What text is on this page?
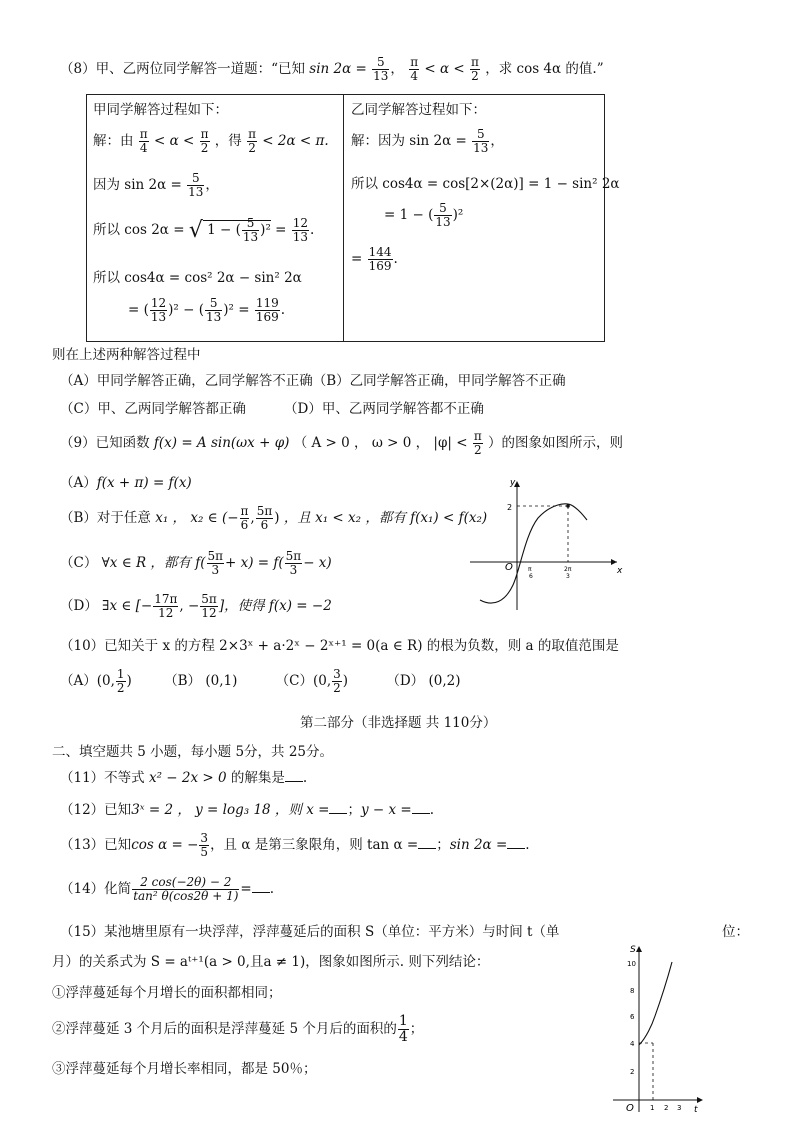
（8）甲、乙两位同学解答一道题：“已知 $\sin 2\alpha = \frac{5}{13}$ ， $\frac{\pi}{4} < \alpha < \frac{\pi}{2}$ ，求 cos 4α 的值.”
甲同学解答过程如下：
解：由 $\frac{\pi}{4} < \alpha < \frac{\pi}{2}$ ，得 $\frac{\pi}{2} < 2\alpha < \pi$.
因为 $\sin 2\alpha = \frac{5}{13}$ ，
所以 cos 2α = √ 1 − ( $\frac{5}{13} )^2 = \frac{12}{13}$ .
所以 cos4α = cos² 2α − sin² 2α
= ( $\frac{12}{13} )^2$ − ( $\frac{5}{13} )^2 = \frac{119}{169}$ .
乙同学解答过程如下：
解：因为 $\sin 2\alpha = \frac{5}{13}$ ，
所以 cos4α = cos[2×(2α)] = 1 − sin² 2α
= 1 − ( $\frac{5}{13} )^2$
= $\frac{144}{169}$ .
则在上述两种解答过程中
（A）甲同学解答正确，乙同学解答不正确（B）乙同学解答正确，甲同学解答不正确
（C）甲、乙两同学解答都正确	（D）甲、乙两同学解答都不正确
（9）已知函数 f(x) = A sin(ωx + φ) （ A > 0 ， ω > 0 ， $|\varphi| < \frac{\pi}{2}$ ）的图象如图所示，则
（A）f(x + π) = f(x)
（B）对于任意 x₁ ， x₂ ∈ (− $\frac{\pi}{6}$ , $\frac{5\pi}{6}$ ) ，且 x₁ < x₂ ，都有 f(x₁) < f(x₂)
（C） ∀x ∈ R ，都有 $f( \frac{5\pi}{3} + x) = f( \frac{5\pi}{3} - x)$
（D） ∃x ∈ [− $\frac{17\pi}{12}$ , − $\frac{5\pi}{12}$ ]，使得 f(x) = −2
y
x
O
2
π
6
2π
3
（10）已知关于 x 的方程 2×3ˣ + a·2ˣ − 2ˣ⁺¹ = 0(a ∈ R) 的根为负数，则 a 的取值范围是
（A）(0, $\frac{1}{2}$ ) （B） (0,1)	（C）(0, $\frac{3}{2}$ )	（D） (0,2)
第二部分（非选择题 共 110分）
二、填空题共 5 小题，每小题 5分，共 25分。
（11）不等式 x² − 2x > 0 的解集是 .
（12）已知3ˣ = 2 ， y = log₃ 18 ，则 x = ；y − x = .
（13）已知cos α = − $\frac{3}{5}$ ，且 α 是第三象限角，则 tan α = ；sin 2α = .
（14）化简 $\frac{2 \cos(-2\theta) - 2}{\text{tan² θ(cos2θ + 1)}}$ = .
（15）某池塘里原有一块浮萍，浮萍蔓延后的面积 S（单位：平方米）与时间 t（单	位：
月）的关系式为 S = aᵗ⁺¹(a > 0,且a ≠ 1)，图象如图所示. 则下列结论：
①浮萍蔓延每个月增长的面积都相同；
②浮萍蔓延 3 个月后的面积是浮萍蔓延 5 个月后的面积的 $\frac{1}{4}$ ；
③浮萍蔓延每个月增长率相同，都是 50％；
S
t
O
10
8
6
4
2
1 2 3
